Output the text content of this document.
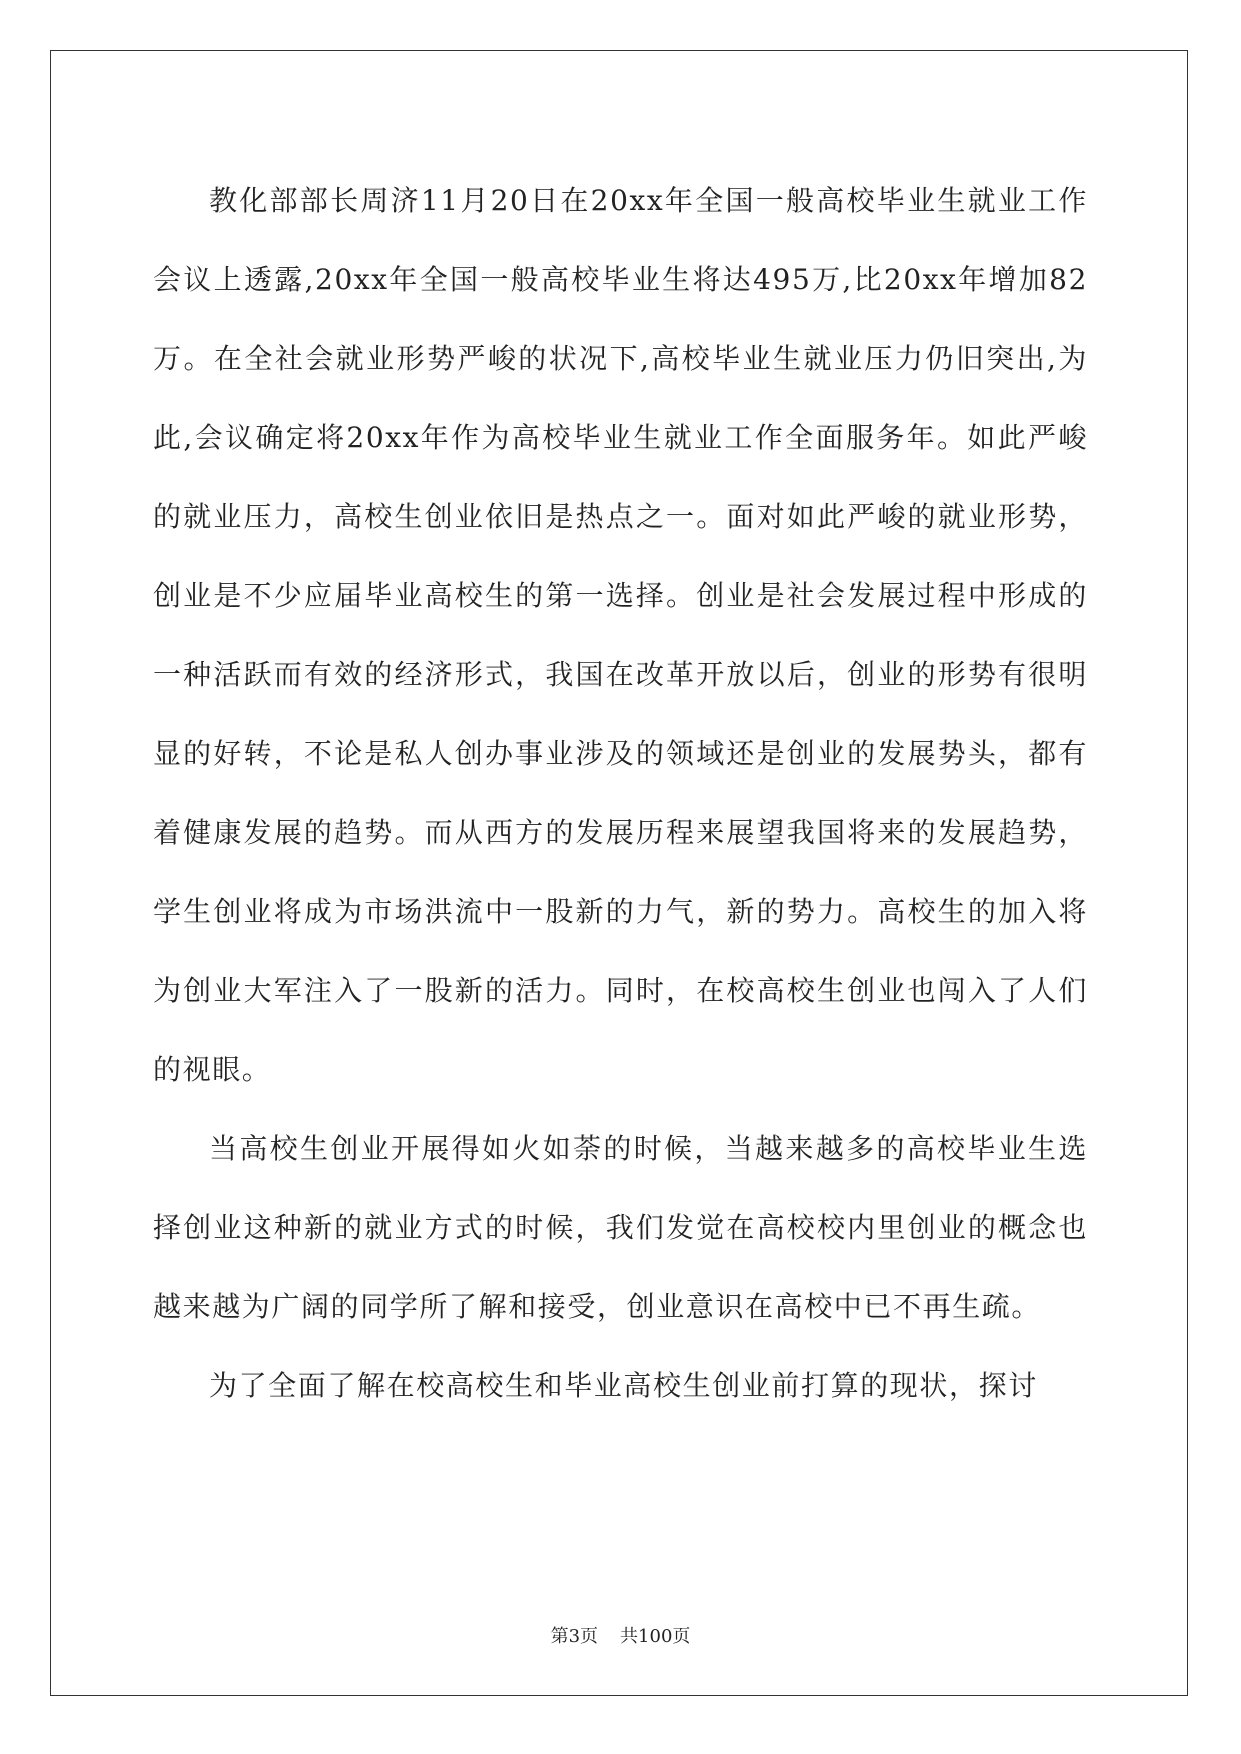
教化部部长周济11月20日在20xx年全国一般高校毕业生就业工作会议上透露,20xx年全国一般高校毕业生将达495万,比20xx年增加82万。在全社会就业形势严峻的状况下,高校毕业生就业压力仍旧突出,为此,会议确定将20xx年作为高校毕业生就业工作全面服务年。如此严峻的就业压力，高校生创业依旧是热点之一。面对如此严峻的就业形势，创业是不少应届毕业高校生的第一选择。创业是社会发展过程中形成的一种活跃而有效的经济形式，我国在改革开放以后，创业的形势有很明显的好转，不论是私人创办事业涉及的领域还是创业的发展势头，都有着健康发展的趋势。而从西方的发展历程来展望我国将来的发展趋势，学生创业将成为市场洪流中一股新的力气，新的势力。高校生的加入将为创业大军注入了一股新的活力。同时，在校高校生创业也闯入了人们的视眼。

当高校生创业开展得如火如荼的时候，当越来越多的高校毕业生选择创业这种新的就业方式的时候，我们发觉在高校校内里创业的概念也越来越为广阔的同学所了解和接受，创业意识在高校中已不再生疏。

为了全面了解在校高校生和毕业高校生创业前打算的现状，探讨

第3页 共100页
